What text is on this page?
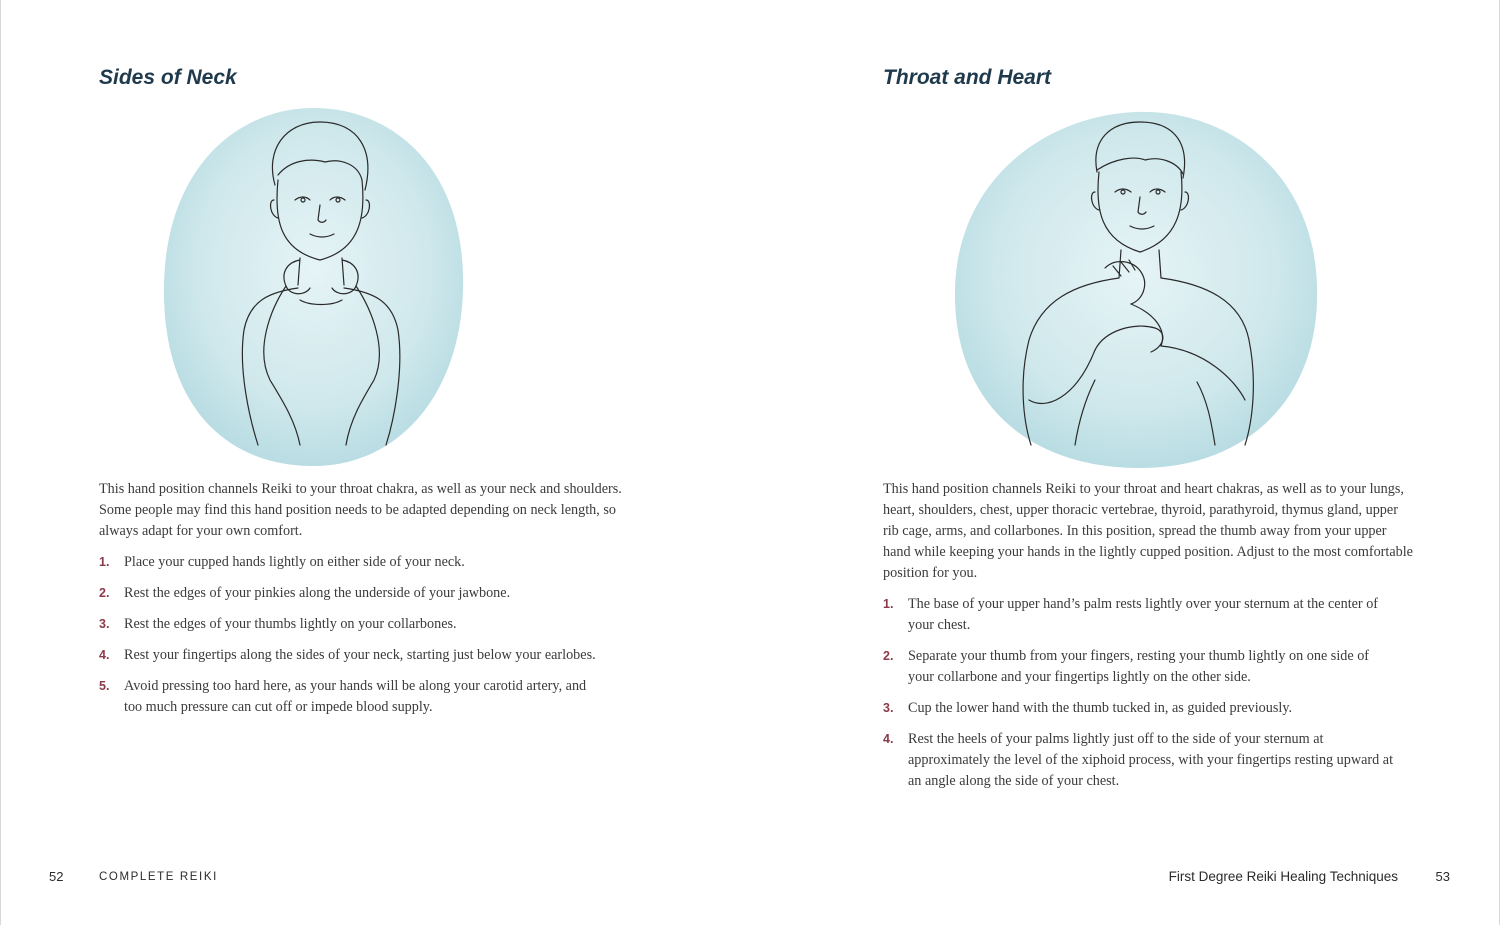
Sides of Neck

This hand position channels Reiki to your throat chakra, as well as your neck and shoulders. Some people may find this hand position needs to be adapted depending on neck length, so always adapt for your own comfort.

1. Place your cupped hands lightly on either side of your neck.
2. Rest the edges of your pinkies along the underside of your jawbone.
3. Rest the edges of your thumbs lightly on your collarbones.
4. Rest your fingertips along the sides of your neck, starting just below your earlobes.
5. Avoid pressing too hard here, as your hands will be along your carotid artery, and too much pressure can cut off or impede blood supply.
52	COMPLETE REIKI
Throat and Heart

This hand position channels Reiki to your throat and heart chakras, as well as to your lungs, heart, shoulders, chest, upper thoracic vertebrae, thyroid, parathyroid, thymus gland, upper rib cage, arms, and collarbones. In this position, spread the thumb away from your upper hand while keeping your hands in the lightly cupped position. Adjust to the most comfortable position for you.

1. The base of your upper hand’s palm rests lightly over your sternum at the center of your chest.
2. Separate your thumb from your fingers, resting your thumb lightly on one side of your collarbone and your fingertips lightly on the other side.
3. Cup the lower hand with the thumb tucked in, as guided previously.
4. Rest the heels of your palms lightly just off to the side of your sternum at approximately the level of the xiphoid process, with your fingertips resting upward at an angle along the side of your chest.
First Degree Reiki Healing Techniques	53
